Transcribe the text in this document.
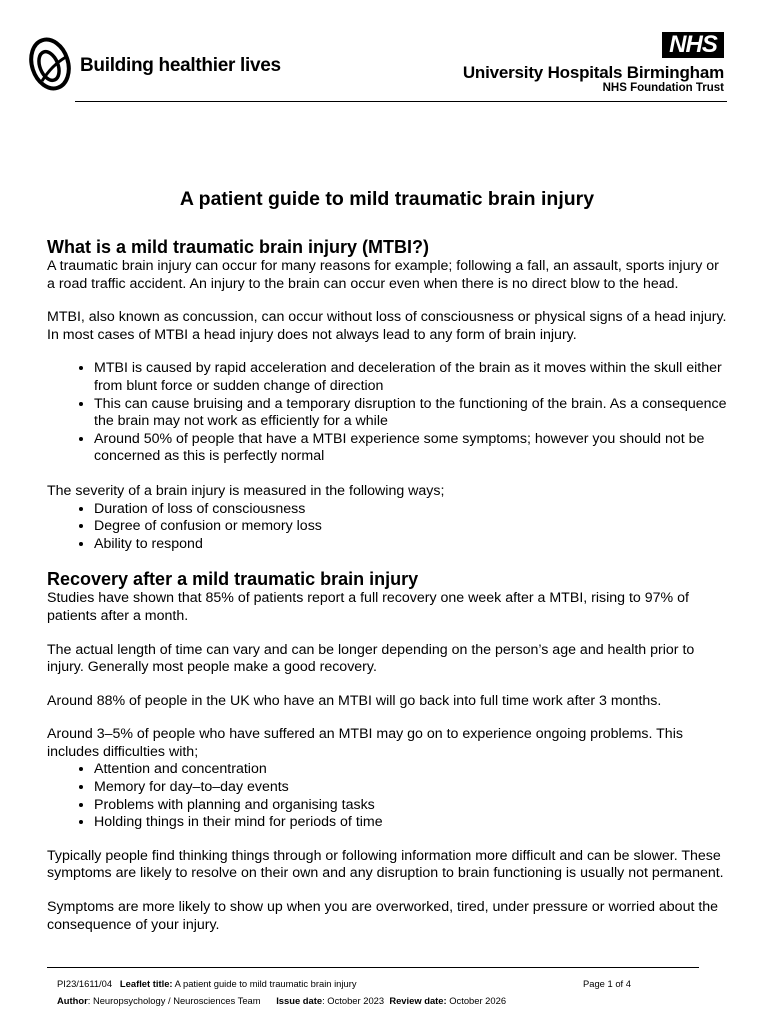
Building healthier lives
NHS
University Hospitals Birmingham
NHS Foundation Trust
A patient guide to mild traumatic brain injury
What is a mild traumatic brain injury (MTBI?)

A traumatic brain injury can occur for many reasons for example; following a fall, an assault, sports injury or a road traffic accident. An injury to the brain can occur even when there is no direct blow to the head.

MTBI, also known as concussion, can occur without loss of consciousness or physical signs of a head injury. In most cases of MTBI a head injury does not always lead to any form of brain injury.

• MTBI is caused by rapid acceleration and deceleration of the brain as it moves within the skull either from blunt force or sudden change of direction
• This can cause bruising and a temporary disruption to the functioning of the brain. As a consequence the brain may not work as efficiently for a while
• Around 50% of people that have a MTBI experience some symptoms; however you should not be concerned as this is perfectly normal

The severity of a brain injury is measured in the following ways;

• Duration of loss of consciousness
• Degree of confusion or memory loss
• Ability to respond
Recovery after a mild traumatic brain injury

Studies have shown that 85% of patients report a full recovery one week after a MTBI, rising to 97% of patients after a month.

The actual length of time can vary and can be longer depending on the person’s age and health prior to injury. Generally most people make a good recovery.

Around 88% of people in the UK who have an MTBI will go back into full time work after 3 months.

Around 3–5% of people who have suffered an MTBI may go on to experience ongoing problems. This includes difficulties with;

• Attention and concentration
• Memory for day–to–day events
• Problems with planning and organising tasks
• Holding things in their mind for periods of time

Typically people find thinking things through or following information more difficult and can be slower. These symptoms are likely to resolve on their own and any disruption to brain functioning is usually not permanent.

Symptoms are more likely to show up when you are overworked, tired, under pressure or worried about the consequence of your injury.

PI23/1611/04 Leaflet title: A patient guide to mild traumatic brain injury	Page 1 of 4
Author: Neuropsychology / Neurosciences Team Issue date: October 2023 Review date: October 2026
